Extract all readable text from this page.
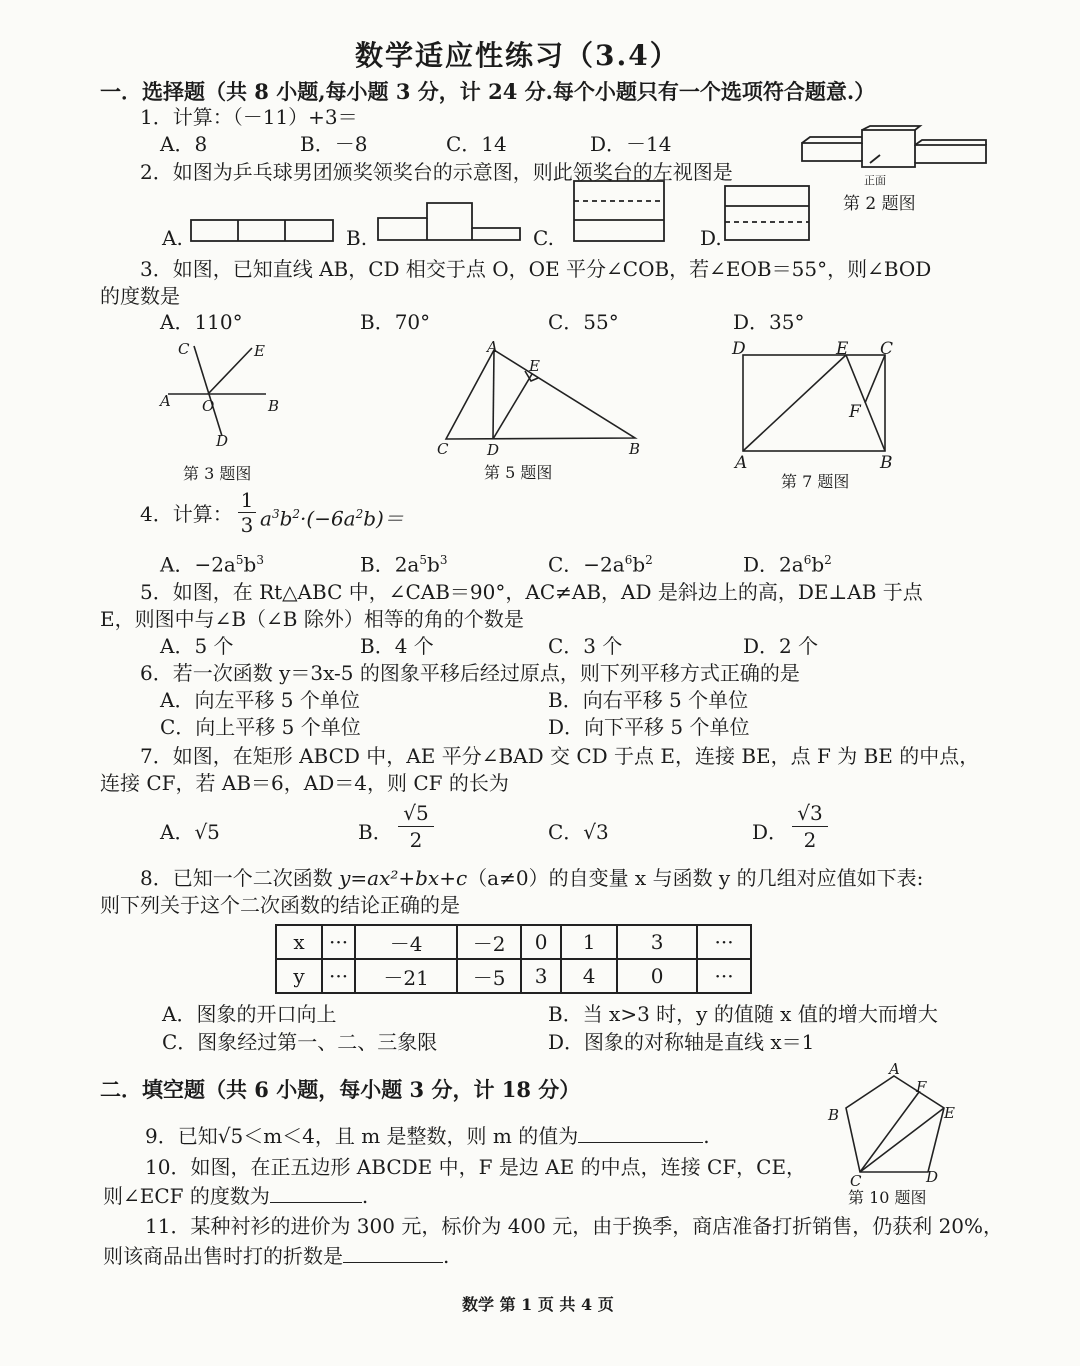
数学适应性练习（3.4）
一．选择题（共 8 小题,每小题 3 分，计 24 分.每个小题只有一个选项符合题意.）
1．计算：（－11）+3＝
A．8	B．－8	C．14	D．－14
2．如图为乒乓球男团颁奖领奖台的示意图，则此领奖台的左视图是	正面
第 2 题图
A.	B.	C.	D.
3．如图，已知直线 AB，CD 相交于点 O，OE 平分∠COB，若∠EOB＝55°，则∠BOD
的度数是
A．110°	B．70°	C．55°	D．35°
C	E
A O	B
D
第 3 题图
A
E
C	D	B
第 5 题图
D	E C
F
A	B
第 7 题图
4．计算： $\frac{1}{3} a^3b^2\cdot(-6a^2b)=$
A．$-2a^5b^3$	B．$2a^5b^3$	C．$-2a^6b^2$	D．$2a^6b^2$
5．如图，在 Rt△ABC 中，∠CAB＝90°，AC≠AB，AD 是斜边上的高，DE⊥AB 于点
E，则图中与∠B（∠B 除外）相等的角的个数是
A．5 个	B．4 个	C．3 个	D．2 个
6．若一次函数 y＝3x-5 的图象平移后经过原点，则下列平移方式正确的是
A．向左平移 5 个单位	B．向右平移 5 个单位
C．向上平移 5 个单位	D．向下平移 5 个单位
7．如图，在矩形 ABCD 中，AE 平分∠BAD 交 CD 于点 E，连接 BE，点 F 为 BE 的中点，
连接 CF，若 AB＝6，AD＝4，则 CF 的长为
A．√5	B． $\frac{√5}{2}$	C．√3	D． $\frac{√3}{2}$
8．已知一个二次函数 y=ax²+bx+c（a≠0）的自变量 x 与函数 y 的几组对应值如下表:
则下列关于这个二次函数的结论正确的是
x	···	－4	－2	0	1	3	···
y	···	－21	－5	3	4	0	···
A．图象的开口向上	B．当 x>3 时，y 的值随 x 值的增大而增大
C．图象经过第一、二、三象限	D．图象的对称轴是直线 x＝1
二．填空题（共 6 小题，每小题 3 分，计 18 分）
A
F
B	E
C	D
第 10 题图
9．已知√5＜m＜4，且 m 是整数，则 m 的值为	.
10．如图，在正五边形 ABCDE 中，F 是边 AE 的中点，连接 CF，CE，
则∠ECF 的度数为	.
11．某种衬衫的进价为 300 元，标价为 400 元，由于换季，商店准备打折销售，仍获利 20%，
则该商品出售时打的折数是	.
数学 第 1 页 共 4 页
